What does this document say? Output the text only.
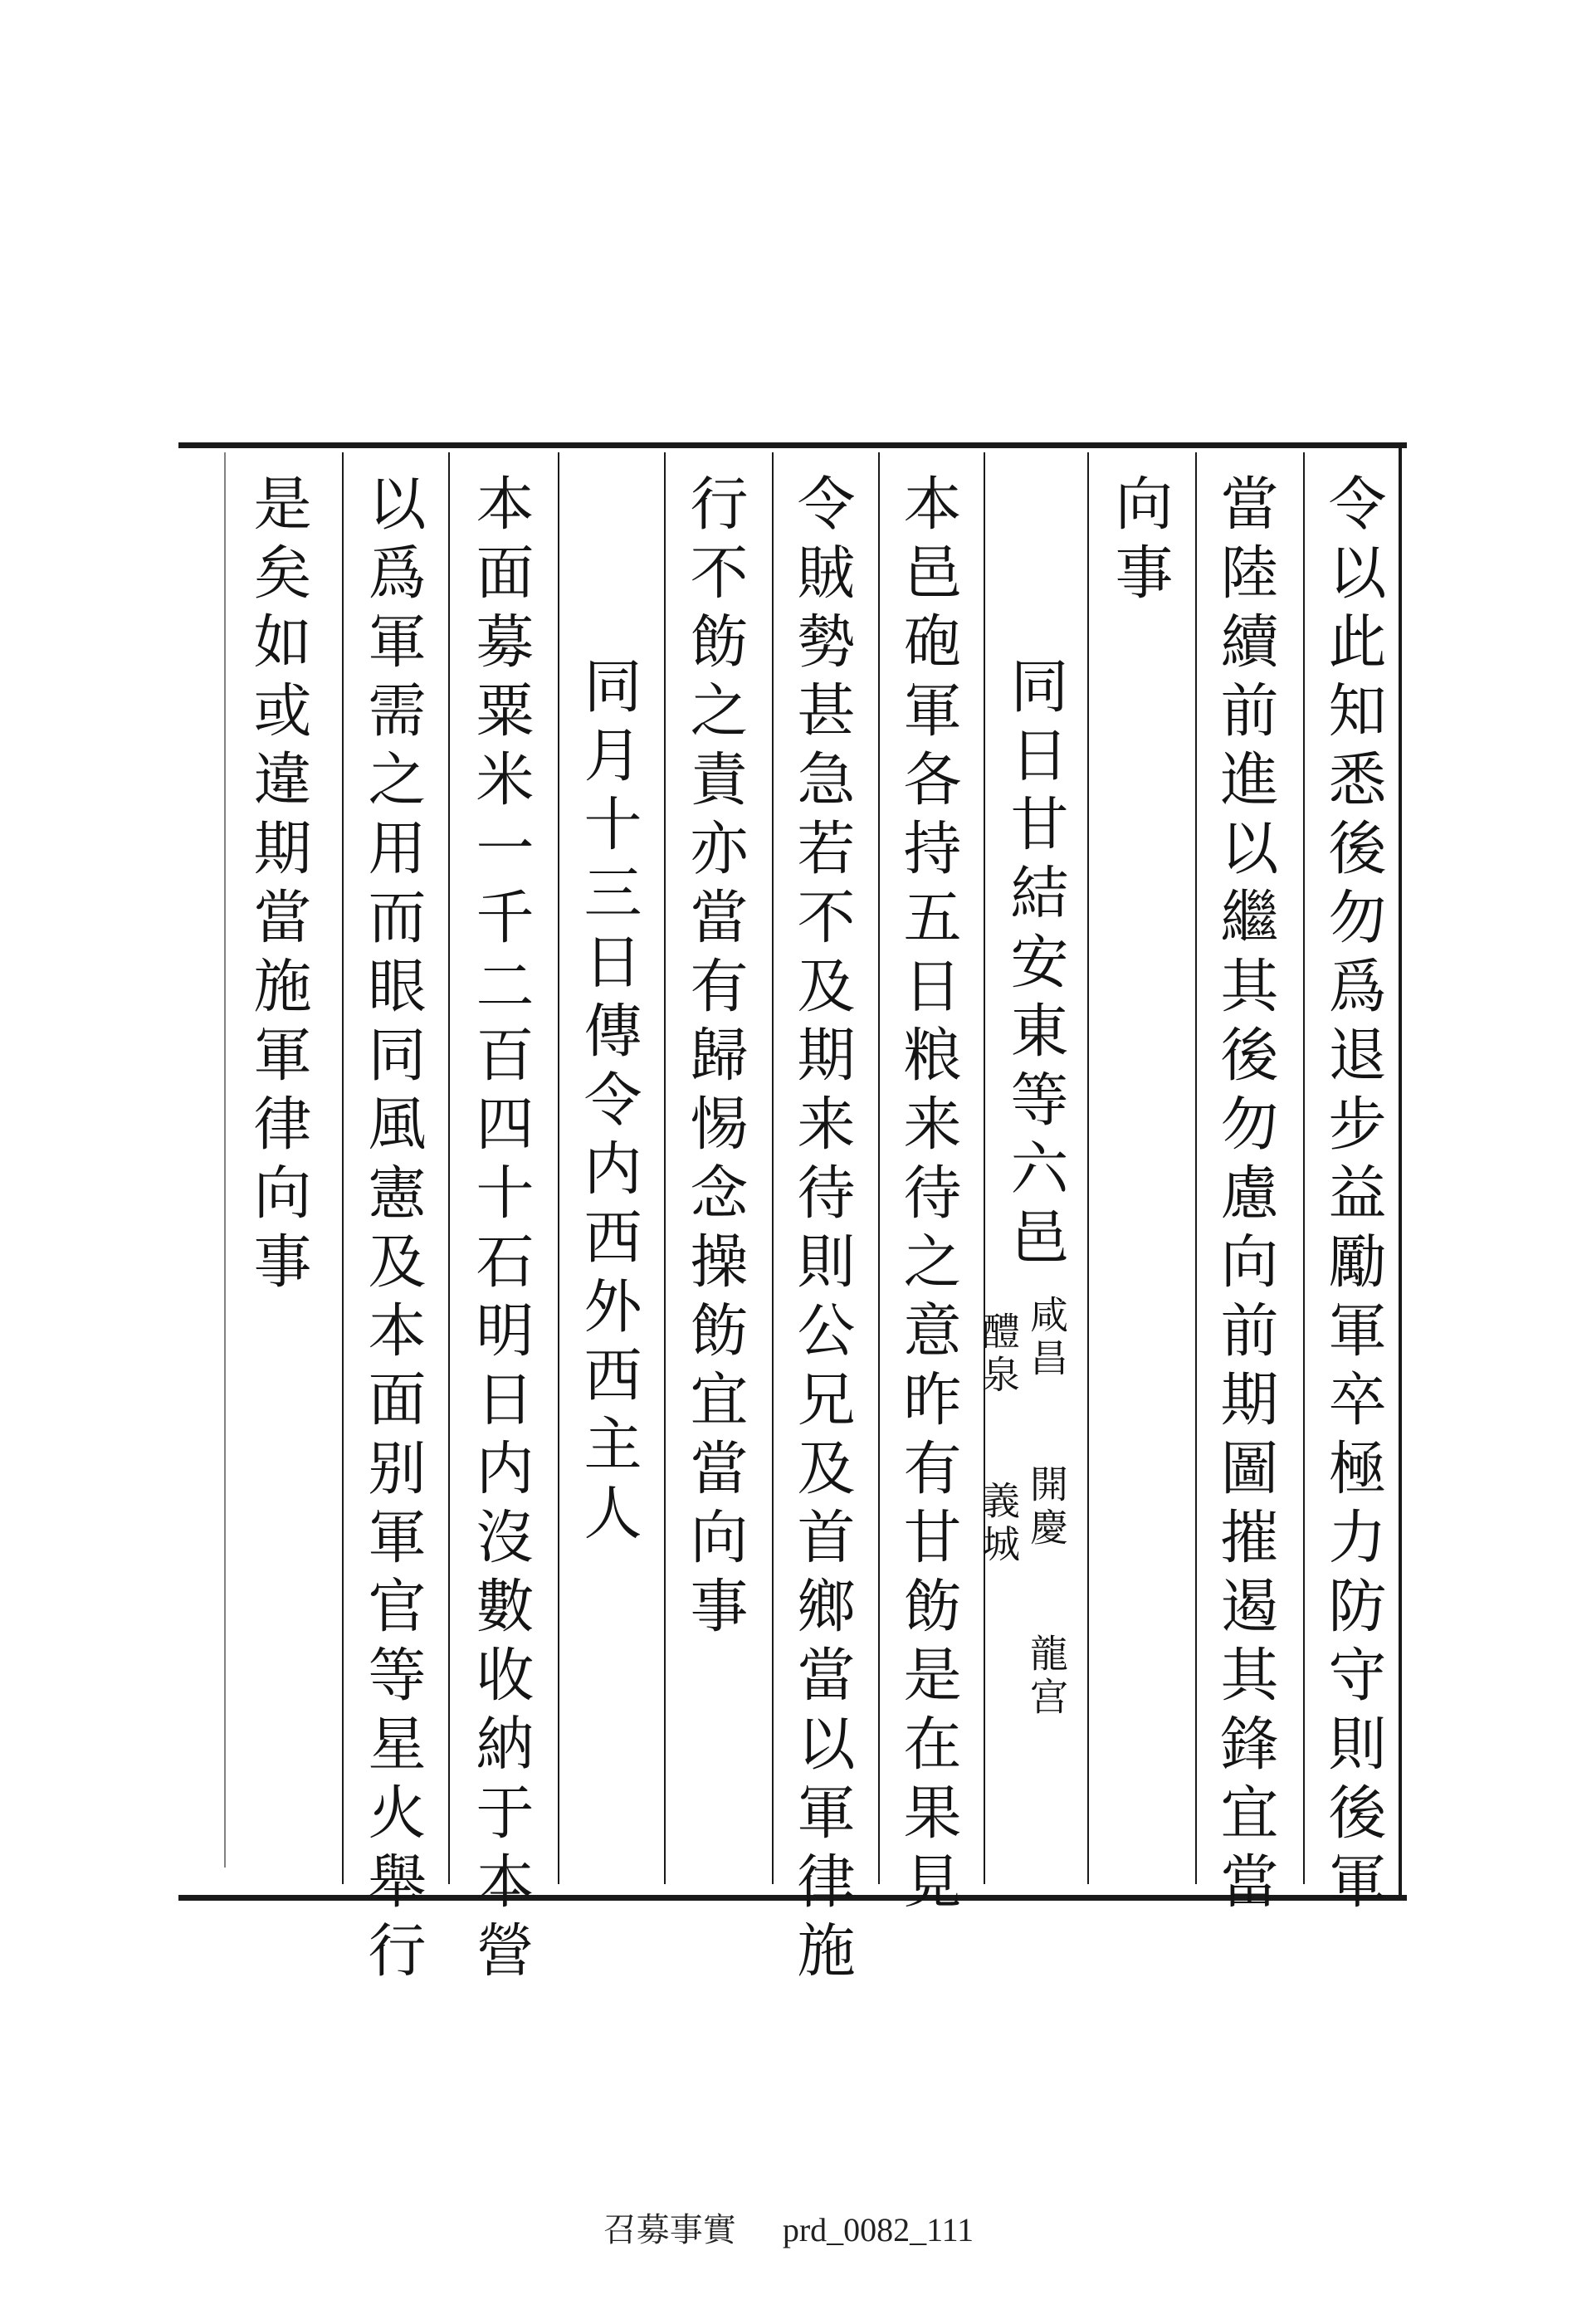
令以此知悉後勿爲退步益勵軍卒極力防守則後軍
當陸續前進以繼其後勿慮向前期圖摧遏其鋒宜當
向事
同日甘結安東等六邑
本邑砲軍各持五日粮来待之意昨有甘飭是在果見
令賊勢甚急若不及期来待則公兄及首鄉當以軍律施
行不飭之責亦當有歸惕念操飭宜當向事
同月十三日傳令内西外西主人
本面募粟米一千二百四十石明日内沒數收納于本營
以爲軍需之用而眼同風憲及本面别軍官等星火舉行
是矣如或違期當施軍律向事
咸昌 開慶 龍宫
醴泉 義城
召募事實 prd_0082_111
